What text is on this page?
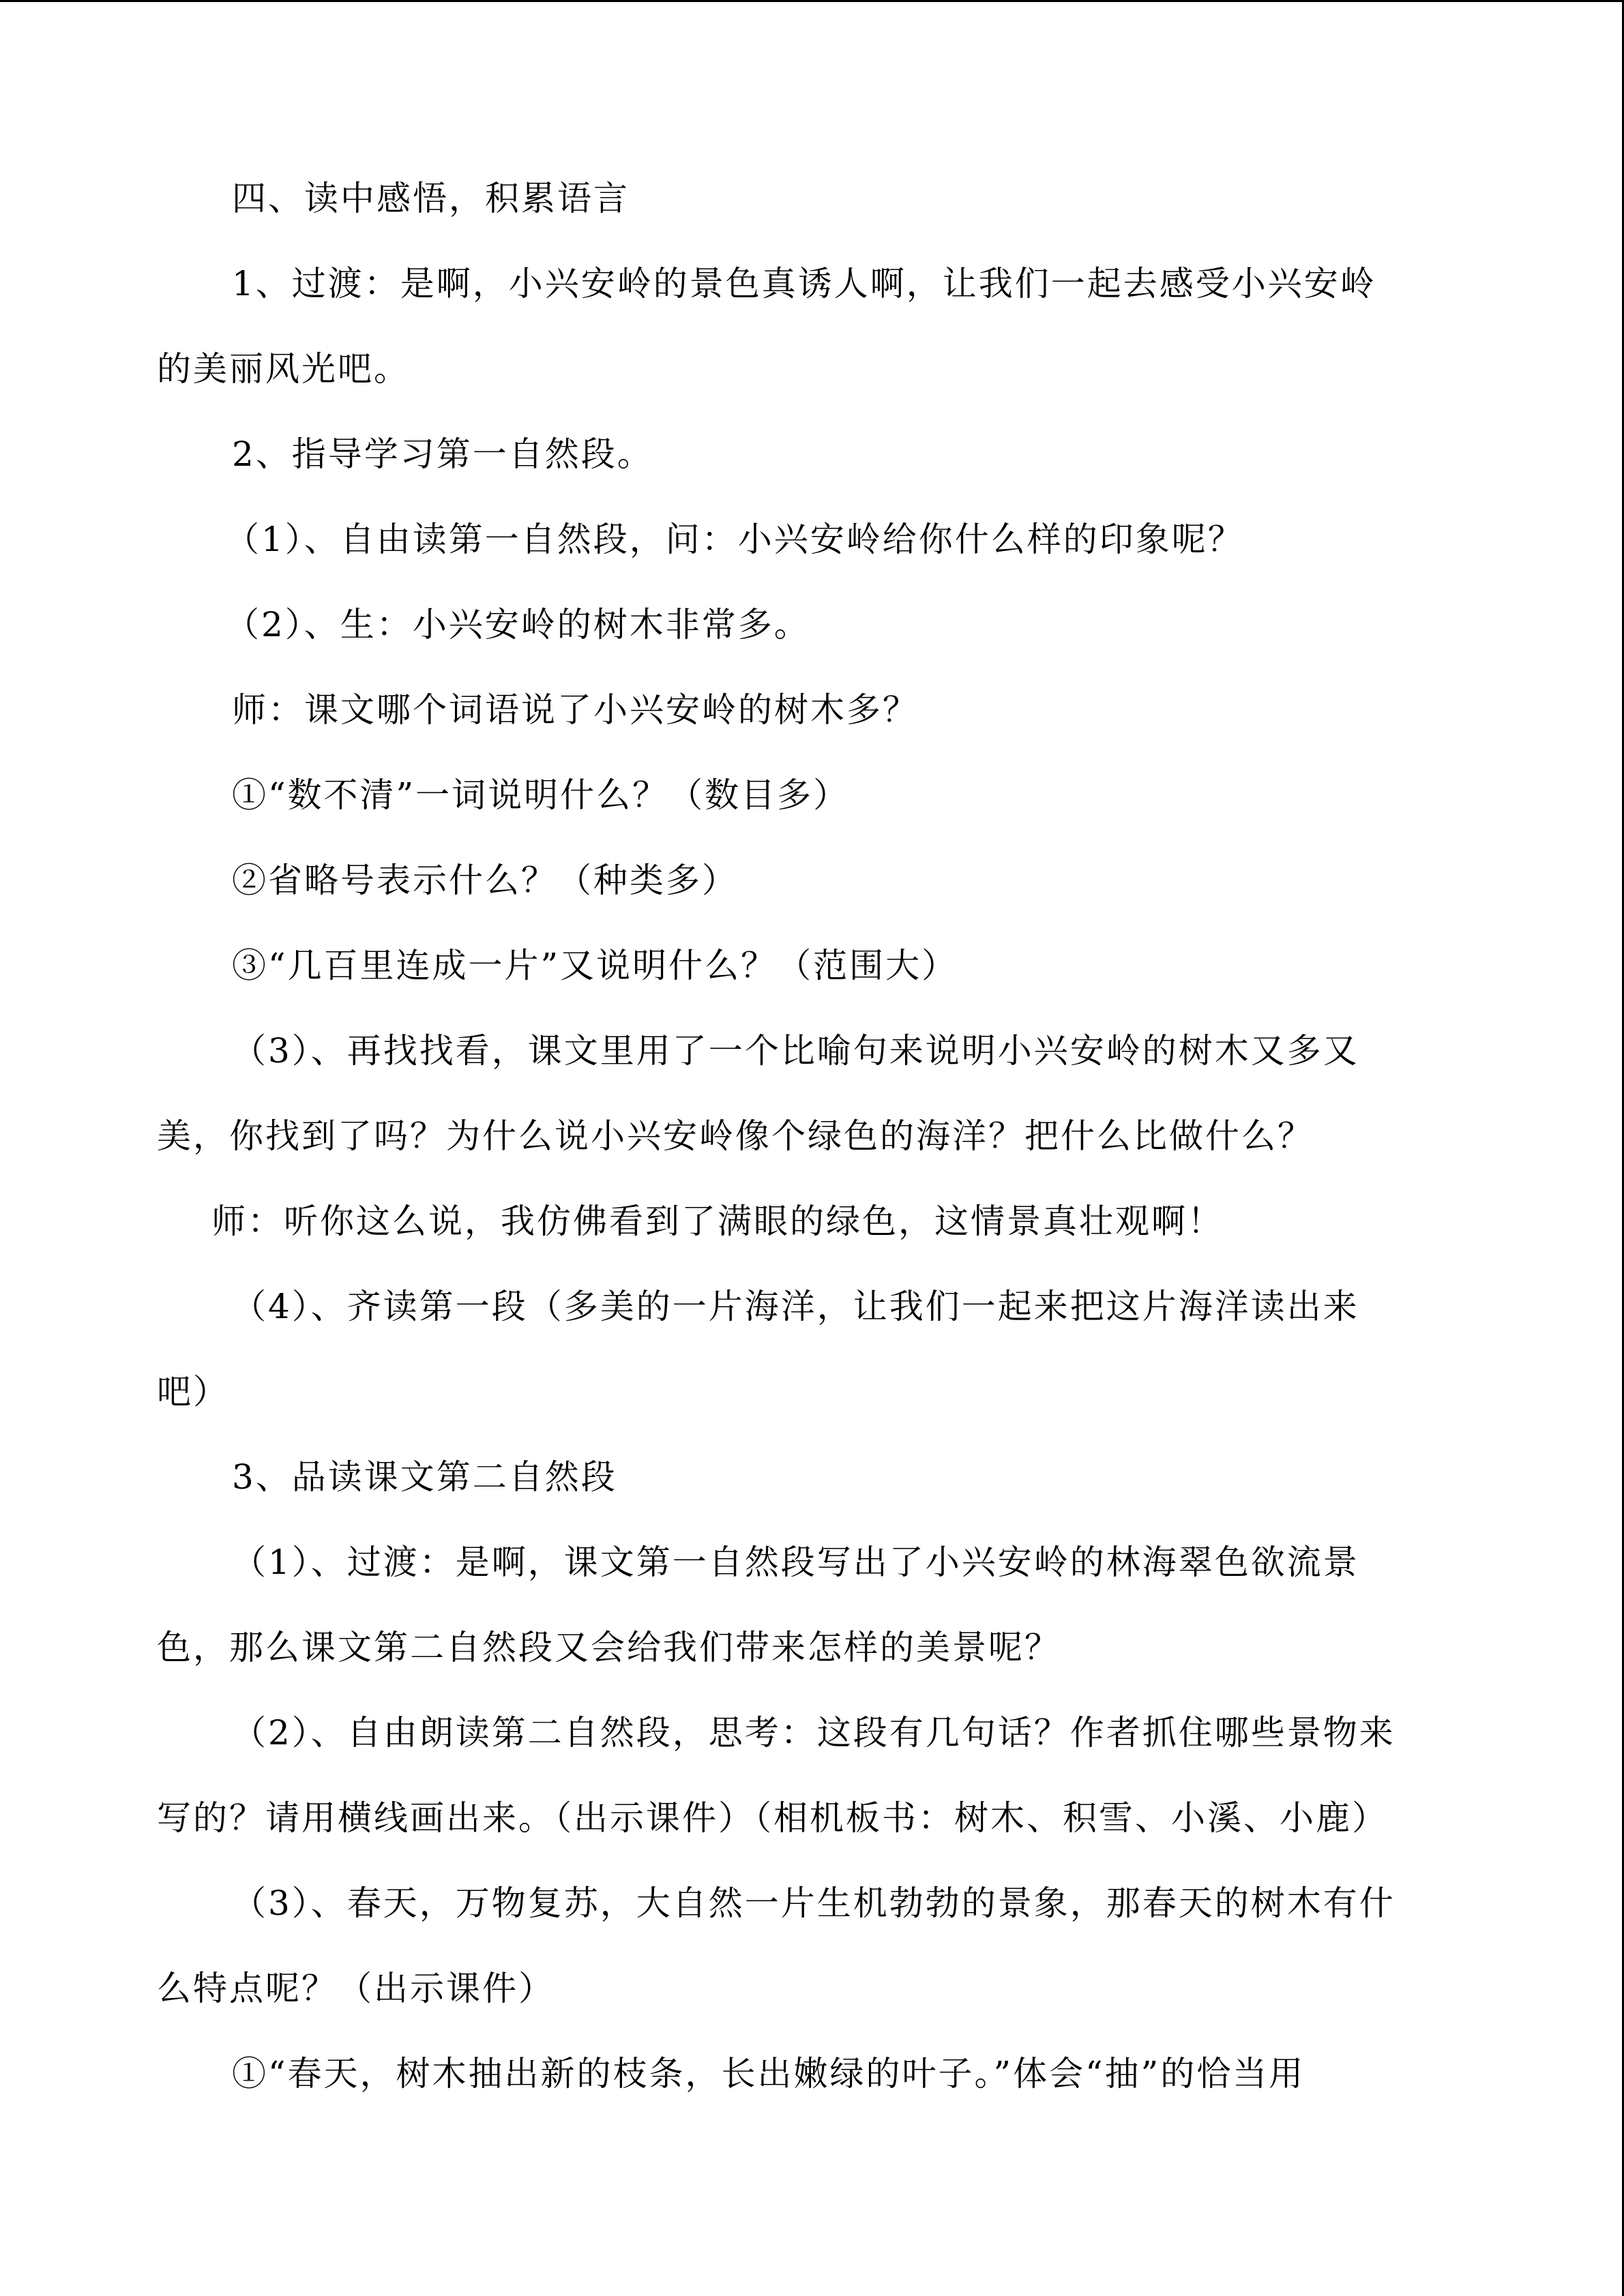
四、读中感悟，积累语言
1、过渡：是啊，小兴安岭的景色真诱人啊，让我们一起去感受小兴安岭
的美丽风光吧。
2、指导学习第一自然段。
（1）、自由读第一自然段，问：小兴安岭给你什么样的印象呢？
（2）、生：小兴安岭的树木非常多。
师：课文哪个词语说了小兴安岭的树木多？
①“数不清”一词说明什么？（数目多）
②省略号表示什么？（种类多）
③“几百里连成一片”又说明什么？（范围大）
（3）、再找找看，课文里用了一个比喻句来说明小兴安岭的树木又多又
美，你找到了吗？为什么说小兴安岭像个绿色的海洋？把什么比做什么？
师：听你这么说，我仿佛看到了满眼的绿色，这情景真壮观啊！
（4）、齐读第一段（多美的一片海洋，让我们一起来把这片海洋读出来
吧）
3、品读课文第二自然段
（1）、过渡：是啊，课文第一自然段写出了小兴安岭的林海翠色欲流景
色，那么课文第二自然段又会给我们带来怎样的美景呢？
（2）、自由朗读第二自然段，思考：这段有几句话？作者抓住哪些景物来
写的？请用横线画出来。（出示课件）（相机板书：树木、积雪、小溪、小鹿）
（3）、春天，万物复苏，大自然一片生机勃勃的景象，那春天的树木有什
么特点呢？（出示课件）
①“春天，树木抽出新的枝条，长出嫩绿的叶子。”体会“抽”的恰当用
